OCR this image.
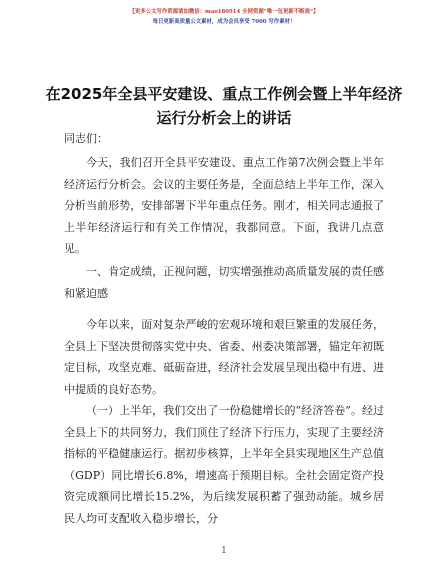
【更多公文写作资源请加微信：mao180914 全网资源“唯一包更新不断流”】
每日更新高质量公文素材，成为会员享受 7000 写作素材！
在2025年全县平安建设、重点工作例会暨上半年经济运行分析会上的讲话

同志们：

今天，我们召开全县平安建设、重点工作第7次例会暨上半年经济运行分析会。会议的主要任务是，全面总结上半年工作，深入分析当前形势，安排部署下半年重点任务。刚才，相关同志通报了上半年经济运行和有关工作情况，我都同意。下面，我讲几点意见。

一、肯定成绩，正视问题，切实增强推动高质量发展的责任感和紧迫感

今年以来，面对复杂严峻的宏观环境和艰巨繁重的发展任务，全县上下坚决贯彻落实党中央、省委、州委决策部署，锚定年初既定目标，攻坚克难、砥砺奋进，经济社会发展呈现出稳中有进、进中提质的良好态势。

（一）上半年，我们交出了一份稳健增长的“经济答卷”。经过全县上下的共同努力，我们顶住了经济下行压力，实现了主要经济指标的平稳健康运行。据初步核算，上半年全县实现地区生产总值（GDP）同比增长6.8%，增速高于预期目标。全社会固定资产投资完成额同比增长15.2%，为后续发展积蓄了强劲动能。城乡居民人均可支配收入稳步增长，分

1
